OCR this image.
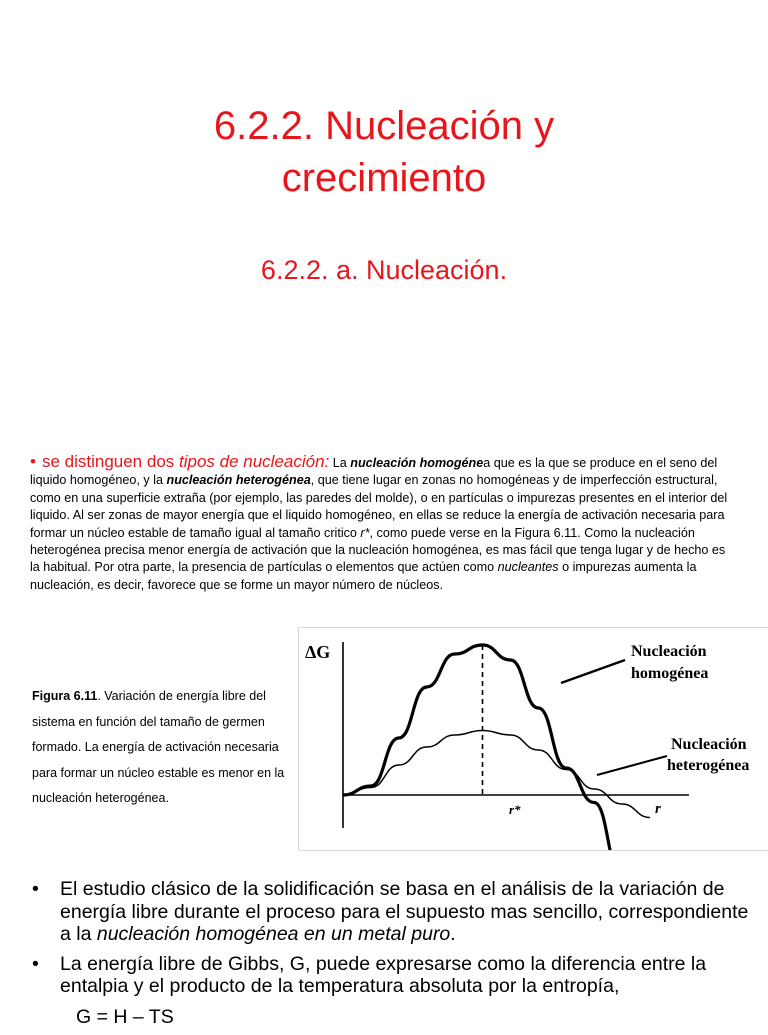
6.2.2. Nucleación y
crecimiento
6.2.2. a. Nucleación.
• se distinguen dos tipos de nucleación: La nucleación homogénea que es la que se produce en el seno del liquido homogéneo, y la nucleación heterogénea, que tiene lugar en zonas no homogéneas y de imperfección estructural, como en una superficie extraña (por ejemplo, las paredes del molde), o en partículas o impurezas presentes en el interior del liquido. Al ser zonas de mayor energía que el liquido homogéneo, en ellas se reduce la energía de activación necesaria para formar un núcleo estable de tamaño igual al tamaño critico r*, como puede verse en la Figura 6.11. Como la nucleación heterogénea precisa menor energía de activación que la nucleación homogénea, es mas fácil que tenga lugar y de hecho es la habitual. Por otra parte, la presencia de partículas o elementos que actúen como nucleantes o impurezas aumenta la nucleación, es decir, favorece que se forme un mayor número de núcleos.
Figura 6.11. Variación de energía libre del sistema en función del tamaño de germen formado. La energía de activación necesaria para formar un núcleo estable es menor en la nucleación heterogénea.
ΔG
r
r*
Nucleación
homogénea
Nucleación
heterogénea
• El estudio clásico de la solidificación se basa en el análisis de la variación de energía libre durante el proceso para el supuesto mas sencillo, correspondiente a la nucleación homogénea en un metal puro.
• La energía libre de Gibbs, G, puede expresarse como la diferencia entre la entalpia y el producto de la temperatura absoluta por la entropía,
G = H – TS
